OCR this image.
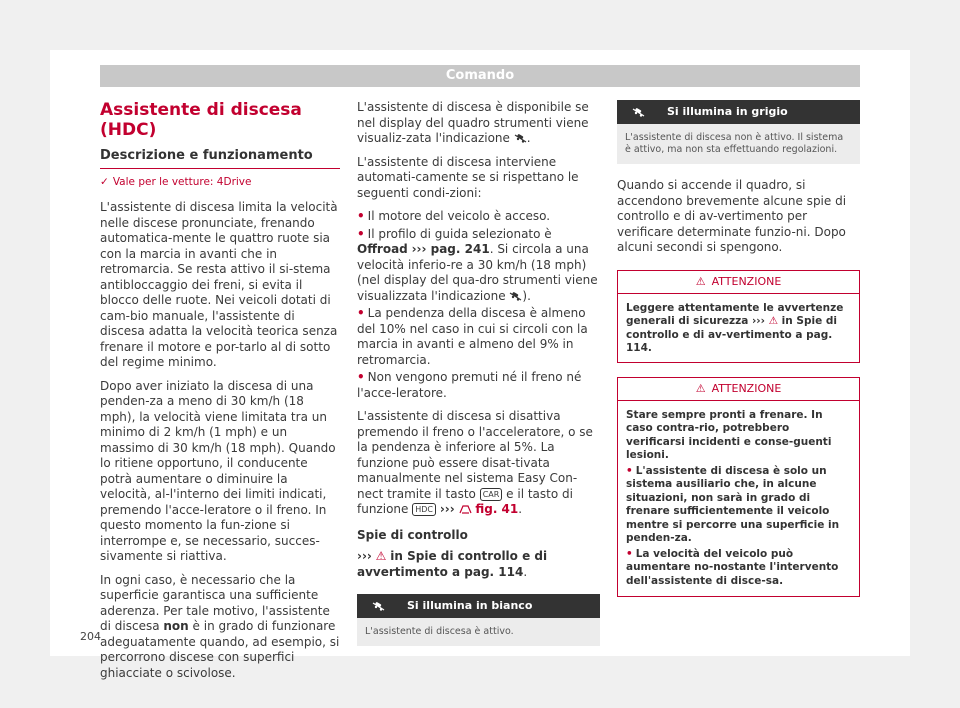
Comando
Assistente di discesa (HDC)
Descrizione e funzionamento
✓ Vale per le vetture: 4Drive

L'assistente di discesa limita la velocità nelle discese pronunciate, frenando automatica-mente le quattro ruote sia con la marcia in avanti che in retromarcia. Se resta attivo il si-stema antibloccaggio dei freni, si evita il blocco delle ruote. Nei veicoli dotati di cam-bio manuale, l'assistente di discesa adatta la velocità teorica senza frenare il motore e por-tarlo al di sotto del regime minimo.

Dopo aver iniziato la discesa di una penden-za a meno di 30 km/h (18 mph), la velocità viene limitata tra un minimo di 2 km/h (1 mph) e un massimo di 30 km/h (18 mph). Quando lo ritiene opportuno, il conducente potrà aumentare o diminuire la velocità, al-l'interno dei limiti indicati, premendo l'acce-leratore o il freno. In questo momento la fun-zione si interrompe e, se necessario, succes-sivamente si riattiva.

In ogni caso, è necessario che la superficie garantisca una sufficiente aderenza. Per tale motivo, l'assistente di discesa non è in grado di funzionare adeguatamente quando, ad esempio, si percorrono discese con superfici ghiacciate o scivolose.

L'assistente di discesa è disponibile se nel display del quadro strumenti viene visualiz-zata l'indicazione .

L'assistente di discesa interviene automati-camente se si rispettano le seguenti condi-zioni:

• Il motore del veicolo è acceso.
• Il profilo di guida selezionato è Offroad ››› pag. 241. Si circola a una velocità inferio-re a 30 km/h (18 mph) (nel display del qua-dro strumenti viene visualizzata l'indicazione ).
• La pendenza della discesa è almeno del 10% nel caso in cui si circoli con la marcia in avanti e almeno del 9% in retromarcia.
• Non vengono premuti né il freno né l'acce-leratore.

L'assistente di discesa si disattiva premendo il freno o l'acceleratore, o se la pendenza è inferiore al 5%. La funzione può essere disat-tivata manualmente nel sistema Easy Con-nect tramite il tasto CAR e il tasto di funzione HDC ››› fig. 41.

Spie di controllo

››› ⚠ in Spie di controllo e di avvertimento a pag. 114.

Si illumina in bianco
L'assistente di discesa è attivo.
Si illumina in grigio
L'assistente di discesa non è attivo. Il sistema è attivo, ma non sta effettuando regolazioni.

Quando si accende il quadro, si accendono brevemente alcune spie di controllo e di av-vertimento per verificare determinate funzio-ni. Dopo alcuni secondi si spengono.

⚠ ATTENZIONE
Leggere attentamente le avvertenze generali di sicurezza ››› ⚠ in Spie di controllo e di av-vertimento a pag. 114.
⚠ ATTENZIONE
Stare sempre pronti a frenare. In caso contra-rio, potrebbero verificarsi incidenti e conse-guenti lesioni.
• L'assistente di discesa è solo un sistema ausiliario che, in alcune situazioni, non sarà in grado di frenare sufficientemente il veicolo mentre si percorre una superficie in penden-za.
• La velocità del veicolo può aumentare no-nostante l'intervento dell'assistente di disce-sa.
204
